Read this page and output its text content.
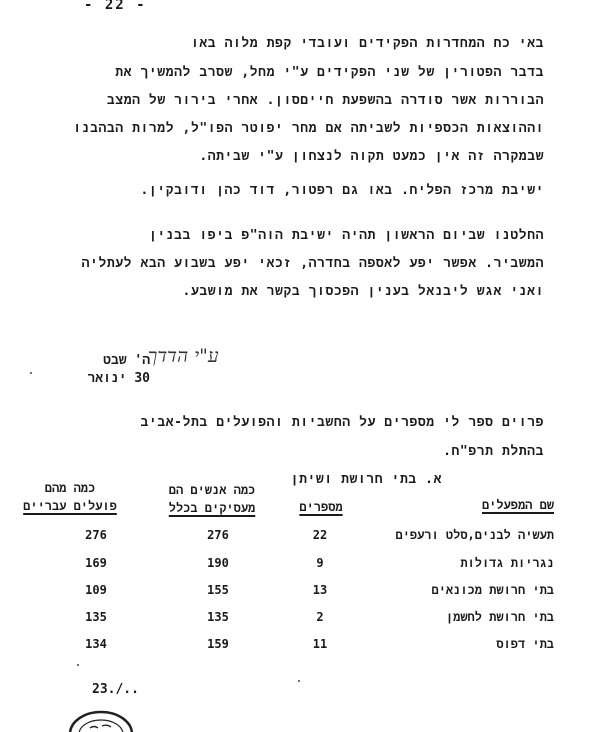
- 22 -
באי כח המחדרות הפקידים ועובדי קפת מלוה באו
בדבר הפטורין של שני הפקידים ע"י מחל, שסרב להמשיך את
הבוררות אשר סודרה בהשפעת חייםסון. אחרי בירור של המצב
וההוצאות הכספיות לשביתה אם מחר יפוטר הפו"ל, למרות הבהבנו
שבמקרה זה אין כמעט תקוה לנצחון ע"י שביתה.
ישיבת מרכז הפליח. באו גם רפטור, דוד כהן ודובקין.
החלטנו שביום הראשון תהיה ישיבת הוה"פ ביפו בבנין
המשביר. אפשר יפע לאספה בחדרה, זכאי יפע בשבוע הבא לעתליה
ואני אגש ליבנאל בענין הפכסוך בקשר את מושבע.
ע"י הדדך
ה' שבט
30 ינואר
פרוים ספר לי מספרים על החשביות והפועלים בתל-אביב
בהתלת תרפ"ח.
א. בתי חרושת ושיתן
כמה מהם
פועלים עבריים
כמה אנשים הם
מעסיקים בכלל	מספרים	שם המפעלים
276	276	22	תעשיה לבנים,סלט ורעפים
169	190	9	נגריות גדולות
109	155	13	בתי חרושת מכונאים
135	135	2	בתי חרושת לחשמן
134	159	11	בתי דפוס
23./..
